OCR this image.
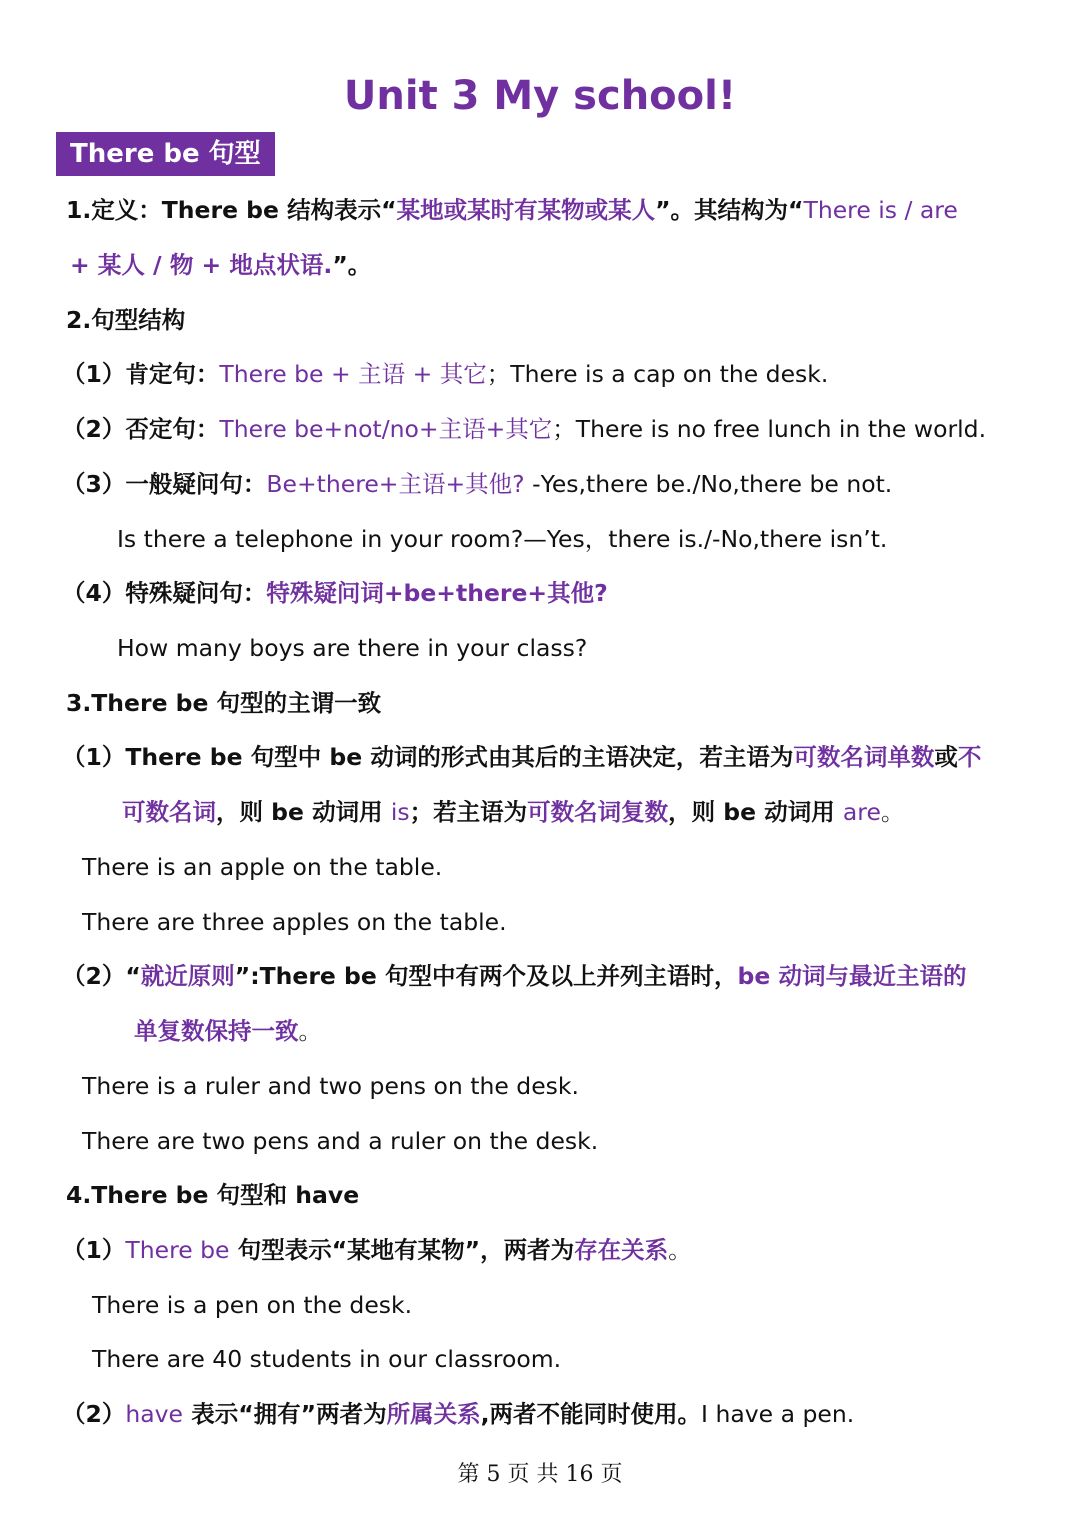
Unit 3 My school!
There be 句型
1.定义：There be 结构表示“某地或某时有某物或某人”。其结构为“There is / are
+ 某人 / 物 + 地点状语.”。
2.句型结构
（1）肯定句：There be + 主语 + 其它；There is a cap on the desk.
（2）否定句：There be+not/no+主语+其它；There is no free lunch in the world.
（3）一般疑问句：Be+there+主语+其他? -Yes,there be./No,there be not.
Is there a telephone in your room?—Yes，there is./-No,there isn’t.
（4）特殊疑问句：特殊疑问词+be+there+其他?
How many boys are there in your class?
3.There be 句型的主谓一致
（1）There be 句型中 be 动词的形式由其后的主语决定，若主语为可数名词单数或不
可数名词，则 be 动词用 is；若主语为可数名词复数，则 be 动词用 are。
There is an apple on the table.
There are three apples on the table.
（2）“就近原则”:There be 句型中有两个及以上并列主语时，be 动词与最近主语的
单复数保持一致。
There is a ruler and two pens on the desk.
There are two pens and a ruler on the desk.
4.There be 句型和 have
（1）There be 句型表示“某地有某物”，两者为存在关系。
There is a pen on the desk.
There are 40 students in our classroom.
（2）have 表示“拥有”两者为所属关系,两者不能同时使用。I have a pen.
第 5 页 共 16 页
